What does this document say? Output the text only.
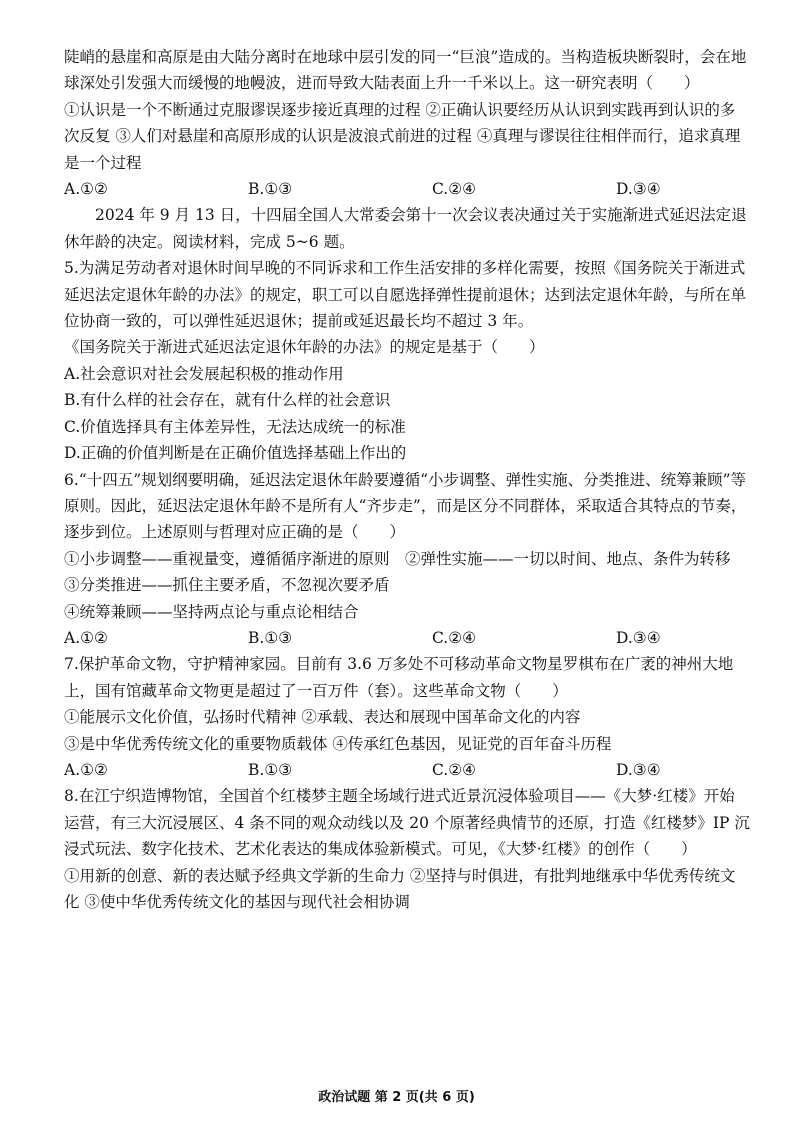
陡峭的悬崖和高原是由大陆分离时在地球中层引发的同一“巨浪”造成的。当构造板块断裂时，会在地球深处引发强大而缓慢的地幔波，进而导致大陆表面上升一千米以上。这一研究表明（　　）

①认识是一个不断通过克服谬误逐步接近真理的过程 ②正确认识要经历从认识到实践再到认识的多次反复 ③人们对悬崖和高原形成的认识是波浪式前进的过程 ④真理与谬误往往相伴而行，追求真理是一个过程

A.①②	B.①③	C.②④	D.③④

2024 年 9 月 13 日，十四届全国人大常委会第十一次会议表决通过关于实施渐进式延迟法定退休年龄的决定。阅读材料，完成 5~6 题。

5.为满足劳动者对退休时间早晚的不同诉求和工作生活安排的多样化需要，按照《国务院关于渐进式延迟法定退休年龄的办法》的规定，职工可以自愿选择弹性提前退休；达到法定退休年龄，与所在单位协商一致的，可以弹性延迟退休；提前或延迟最长均不超过 3 年。

《国务院关于渐进式延迟法定退休年龄的办法》的规定是基于（　　）

A.社会意识对社会发展起积极的推动作用

B.有什么样的社会存在，就有什么样的社会意识

C.价值选择具有主体差异性，无法达成统一的标准

D.正确的价值判断是在正确价值选择基础上作出的

6.“十四五”规划纲要明确，延迟法定退休年龄要遵循“小步调整、弹性实施、分类推进、统筹兼顾”等原则。因此，延迟法定退休年龄不是所有人“齐步走”，而是区分不同群体，采取适合其特点的节奏，逐步到位。上述原则与哲理对应正确的是（　　）

①小步调整——重视量变，遵循循序渐进的原则　②弹性实施——一切以时间、地点、条件为转移 ③分类推进——抓住主要矛盾，不忽视次要矛盾

④统筹兼顾——坚持两点论与重点论相结合

A.①②	B.①③	C.②④	D.③④

7.保护革命文物，守护精神家园。目前有 3.6 万多处不可移动革命文物星罗棋布在广袤的神州大地上，国有馆藏革命文物更是超过了一百万件（套）。这些革命文物（　　）

①能展示文化价值，弘扬时代精神 ②承载、表达和展现中国革命文化的内容

③是中华优秀传统文化的重要物质载体 ④传承红色基因，见证党的百年奋斗历程

A.①②	B.①③	C.②④	D.③④

8.在江宁织造博物馆，全国首个红楼梦主题全场域行进式近景沉浸体验项目——《大梦·红楼》开始运营，有三大沉浸展区、4 条不同的观众动线以及 20 个原著经典情节的还原，打造《红楼梦》IP 沉浸式玩法、数字化技术、艺术化表达的集成体验新模式。可见，《大梦·红楼》的创作（　　）

①用新的创意、新的表达赋予经典文学新的生命力 ②坚持与时俱进，有批判地继承中华优秀传统文化 ③使中华优秀传统文化的基因与现代社会相协调

政治试题 第 2 页(共 6 页)
